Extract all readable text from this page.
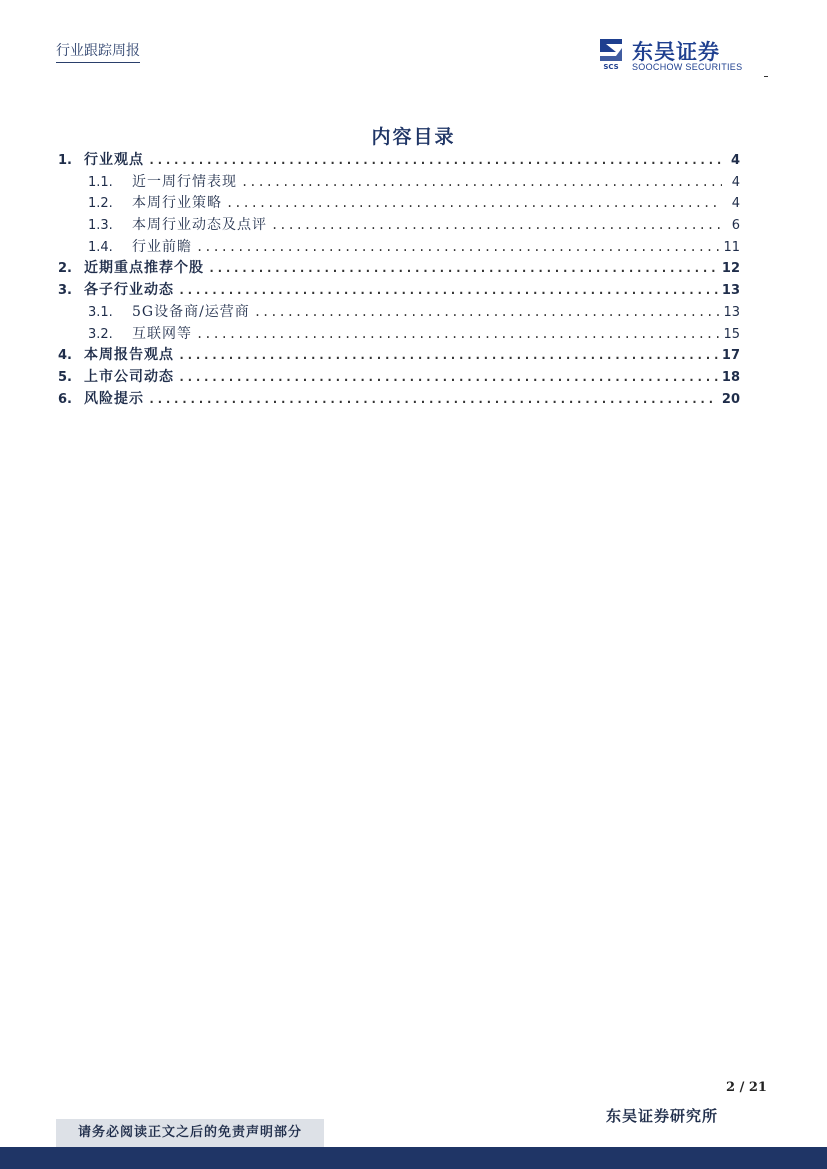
行业跟踪周报
SCS
东吴证券
SOOCHOW SECURITIES
内容目录
1. 行业观点 .....	4
1.1.	近一周行情表现 .....	4
1.2.	本周行业策略 .....	4
1.3.	本周行业动态及点评 .....	6
1.4.	行业前瞻 .....	11
2. 近期重点推荐个股 .....	12
3. 各子行业动态 .....	13
3.1.	5G设备商/运营商 .....	13
3.2.	互联网等 .....	15
4. 本周报告观点 .....	17
5. 上市公司动态 .....	18
6. 风险提示 .....	20
2 / 21
东吴证券研究所
请务必阅读正文之后的免责声明部分
